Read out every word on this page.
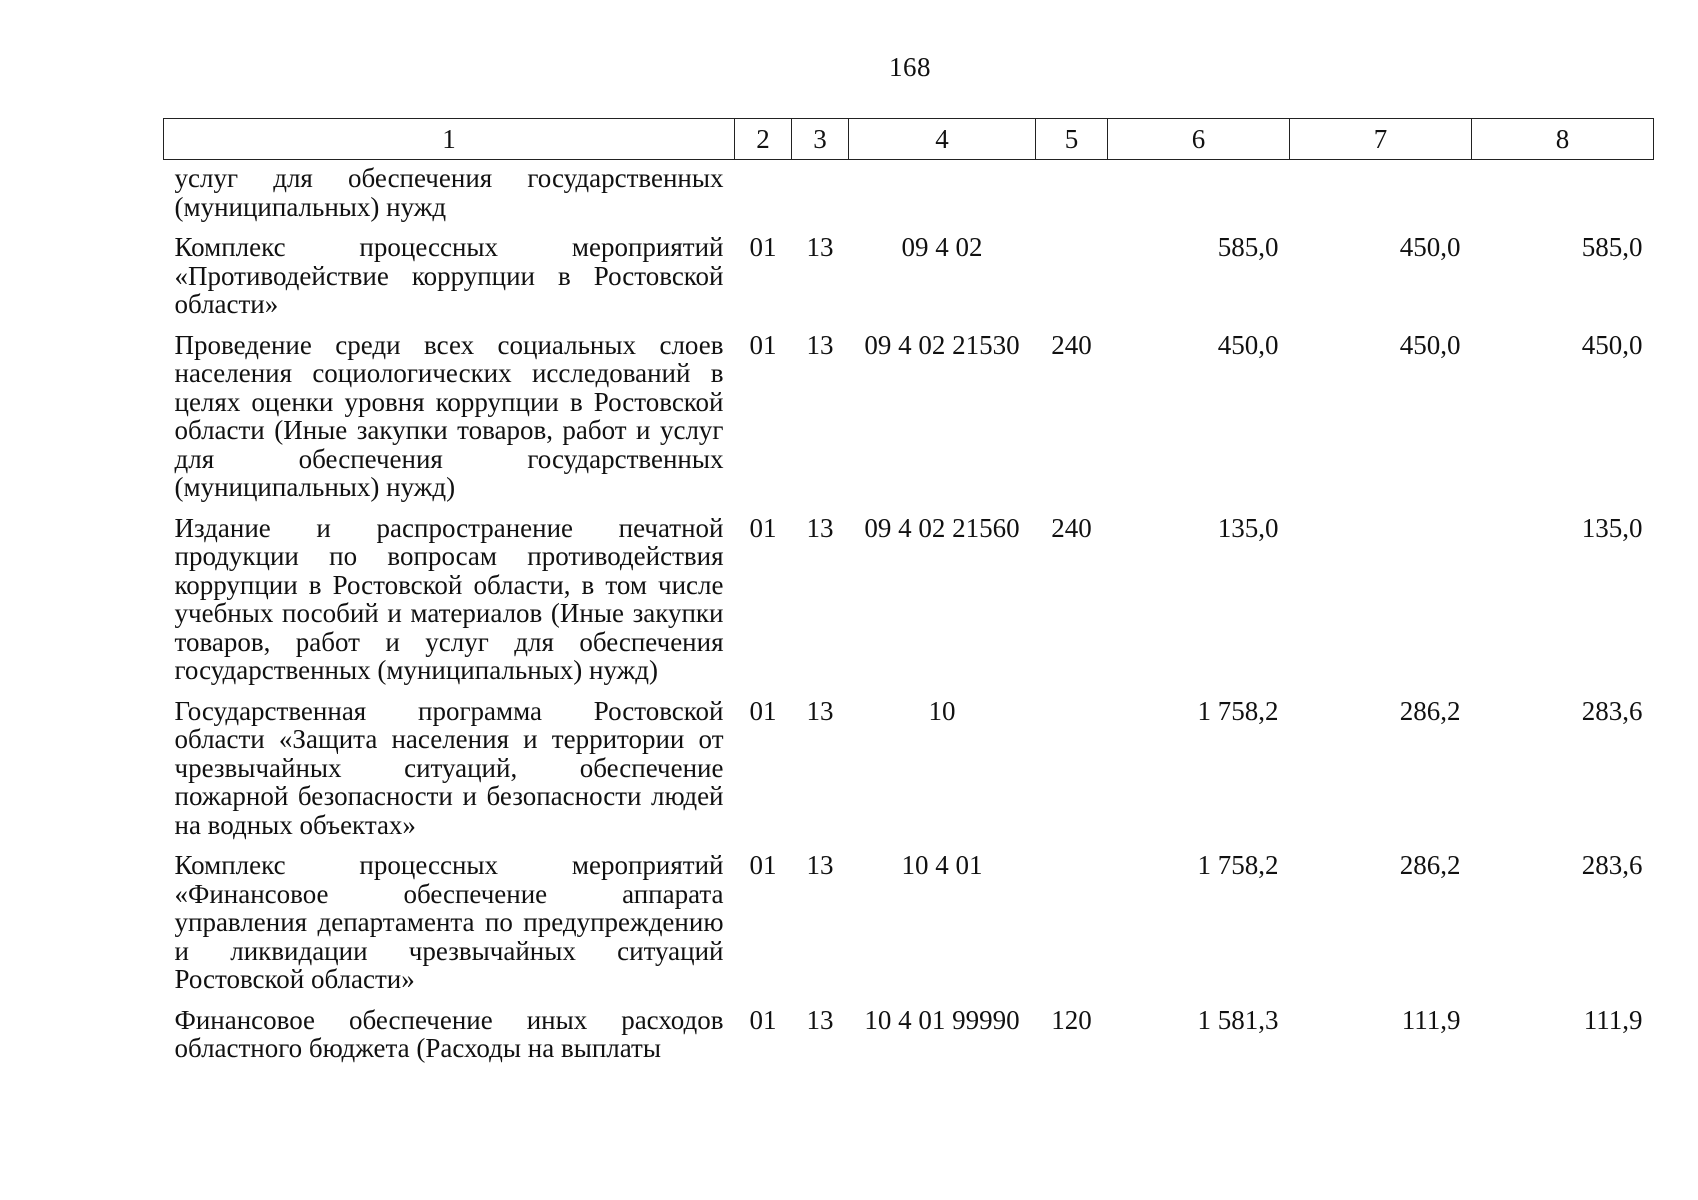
168
1	2	3	4	5	6	7	8
услуг для обеспечения государственных (муниципальных) нужд							
Комплекс процессных мероприятий «Противодействие коррупции в Ростовской области»	01	13	09 4 02		585,0	450,0	585,0
Проведение среди всех социальных слоев населения социологических исследований в целях оценки уровня коррупции в Ростовской области (Иные закупки товаров, работ и услуг для обеспечения государственных (муниципальных) нужд)	01	13	09 4 02 21530	240	450,0	450,0	450,0
Издание и распространение печатной продукции по вопросам противодействия коррупции в Ростовской области, в том числе учебных пособий и материалов (Иные закупки товаров, работ и услуг для обеспечения государственных (муниципальных) нужд)	01	13	09 4 02 21560	240	135,0		135,0
Государственная программа Ростовской области «Защита населения и территории от чрезвычайных ситуаций, обеспечение пожарной безопасности и безопасности людей на водных объектах»	01	13	10		1 758,2	286,2	283,6
Комплекс процессных мероприятий «Финансовое обеспечение аппарата управления департамента по предупреждению и ликвидации чрезвычайных ситуаций Ростовской области»	01	13	10 4 01		1 758,2	286,2	283,6
Финансовое обеспечение иных расходов областного бюджета (Расходы на выплаты	01	13	10 4 01 99990	120	1 581,3	111,9	111,9
